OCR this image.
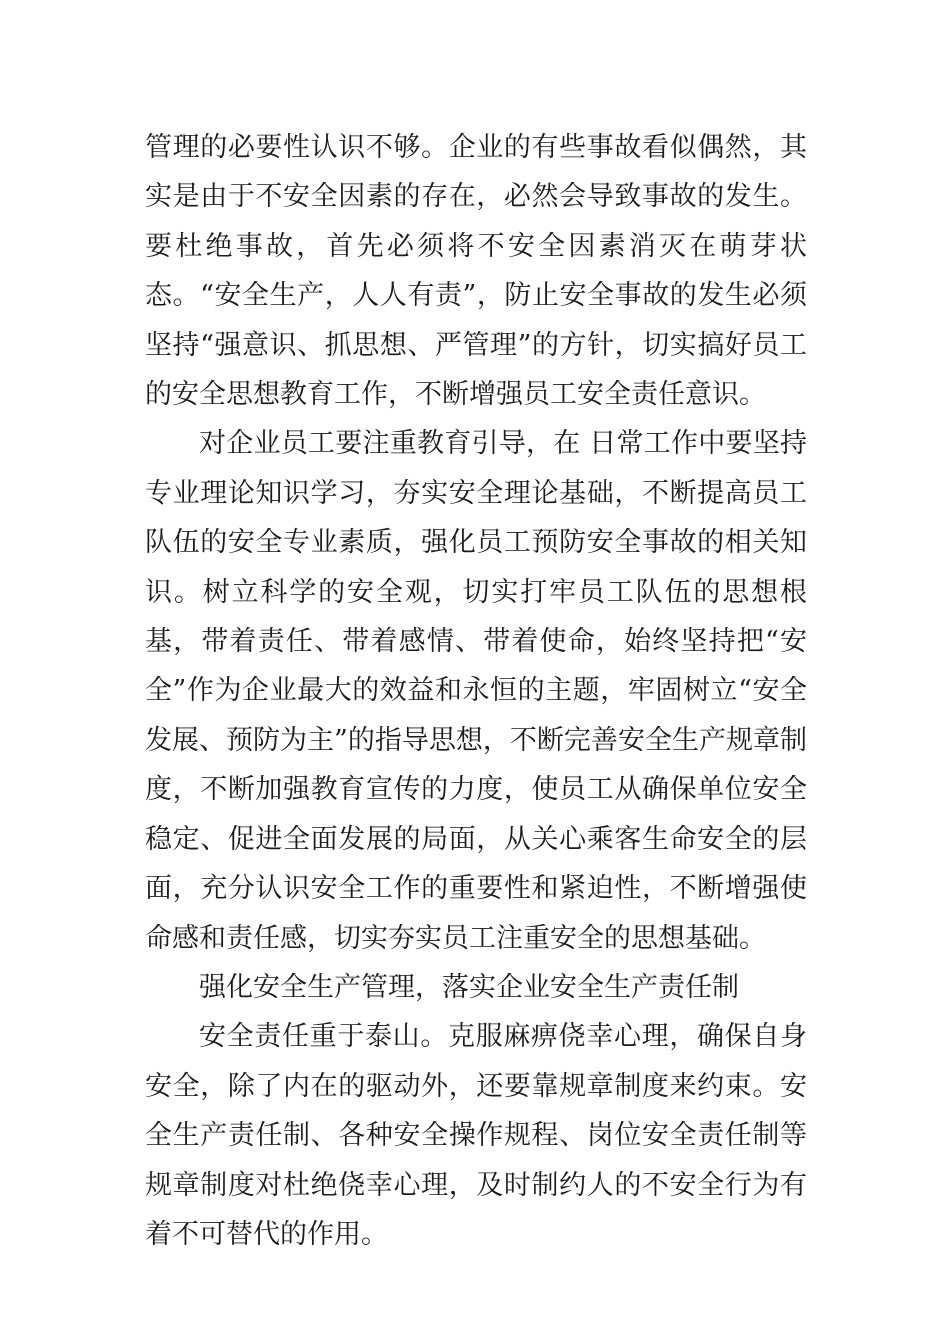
管理的必要性认识不够。企业的有些事故看似偶然，其实是由于不安全因素的存在，必然会导致事故的发生。要杜绝事故，首先必须将不安全因素消灭在萌芽状态。“安全生产，人人有责”，防止安全事故的发生必须坚持“强意识、抓思想、严管理”的方针，切实搞好员工的安全思想教育工作，不断增强员工安全责任意识。

对企业员工要注重教育引导，在 日常工作中要坚持专业理论知识学习，夯实安全理论基础，不断提高员工队伍的安全专业素质，强化员工预防安全事故的相关知识。树立科学的安全观，切实打牢员工队伍的思想根基，带着责任、带着感情、带着使命，始终坚持把“安全”作为企业最大的效益和永恒的主题，牢固树立“安全发展、预防为主”的指导思想，不断完善安全生产规章制度，不断加强教育宣传的力度，使员工从确保单位安全稳定、促进全面发展的局面，从关心乘客生命安全的层面，充分认识安全工作的重要性和紧迫性，不断增强使命感和责任感，切实夯实员工注重安全的思想基础。

强化安全生产管理，落实企业安全生产责任制

安全责任重于泰山。克服麻痹侥幸心理，确保自身安全，除了内在的驱动外，还要靠规章制度来约束。安全生产责任制、各种安全操作规程、岗位安全责任制等规章制度对杜绝侥幸心理，及时制约人的不安全行为有着不可替代的作用。
